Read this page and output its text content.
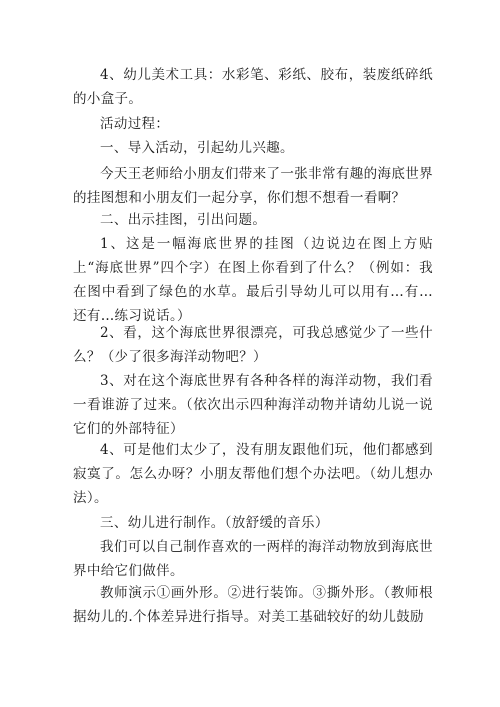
4、幼儿美术工具：水彩笔、彩纸、胶布，装废纸碎纸的小盒子。

活动过程：

一、导入活动，引起幼儿兴趣。

今天王老师给小朋友们带来了一张非常有趣的海底世界的挂图想和小朋友们一起分享，你们想不想看一看啊？

二、出示挂图，引出问题。

1、这是一幅海底世界的挂图（边说边在图上方贴上“海底世界”四个字）在图上你看到了什么？（例如：我在图中看到了绿色的水草。最后引导幼儿可以用有…有…还有…练习说话。）

2、看，这个海底世界很漂亮，可我总感觉少了一些什么？（少了很多海洋动物吧？）

3、对在这个海底世界有各种各样的海洋动物，我们看一看谁游了过来。（依次出示四种海洋动物并请幼儿说一说它们的外部特征）

4、可是他们太少了，没有朋友跟他们玩，他们都感到寂寞了。怎么办呀？小朋友帮他们想个办法吧。（幼儿想办法）。

三、幼儿进行制作。（放舒缓的音乐）

我们可以自己制作喜欢的一两样的海洋动物放到海底世界中给它们做伴。

教师演示①画外形。②进行装饰。③撕外形。（教师根据幼儿的.个体差异进行指导。对美工基础较好的幼儿鼓励
